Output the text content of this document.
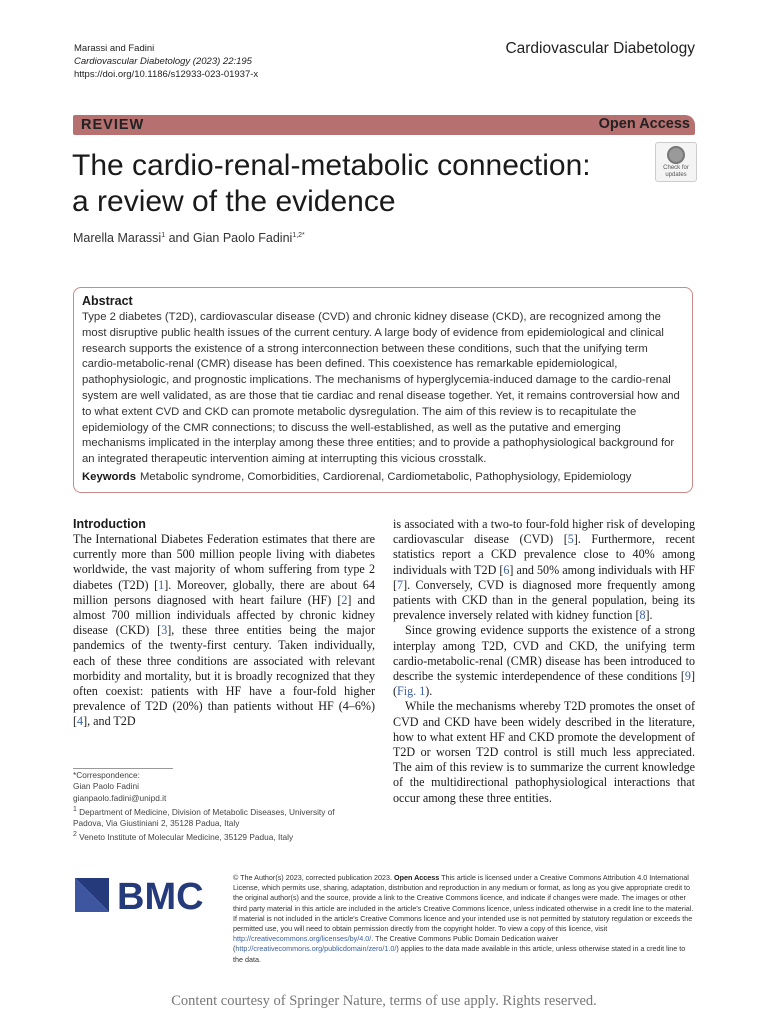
Marassi and Fadini
Cardiovascular Diabetology (2023) 22:195
https://doi.org/10.1186/s12933-023-01937-x
Cardiovascular Diabetology
REVIEW	Open Access
The cardio-renal-metabolic connection:
a review of the evidence
Check for
updates
Marella Marassi$^1$ and Gian Paolo Fadini$^{1,2*}$
Abstract
Type 2 diabetes (T2D), cardiovascular disease (CVD) and chronic kidney disease (CKD), are recognized among the most disruptive public health issues of the current century. A large body of evidence from epidemiological and clinical research supports the existence of a strong interconnection between these conditions, such that the unifying term cardio-metabolic-renal (CMR) disease has been defined. This coexistence has remarkable epidemiological, pathophysiologic, and prognostic implications. The mechanisms of hyperglycemia-induced damage to the cardio-renal system are well validated, as are those that tie cardiac and renal disease together. Yet, it remains controversial how and to what extent CVD and CKD can promote metabolic dysregulation. The aim of this review is to recapitulate the epidemiology of the CMR connections; to discuss the well-established, as well as the putative and emerging mechanisms implicated in the interplay among these three entities; and to provide a pathophysiological background for an integrated therapeutic intervention aiming at interrupting this vicious crosstalk.
Keywords Metabolic syndrome, Comorbidities, Cardiorenal, Cardiometabolic, Pathophysiology, Epidemiology
Introduction

The International Diabetes Federation estimates that there are currently more than 500 million people living with diabetes worldwide, the vast majority of whom suffering from type 2 diabetes (T2D) [1]. Moreover, globally, there are about 64 million persons diagnosed with heart failure (HF) [2] and almost 700 million individuals affected by chronic kidney disease (CKD) [3], these three entities being the major pandemics of the twenty-first century. Taken individually, each of these three conditions are associated with relevant morbidity and mortality, but it is broadly recognized that they often coexist: patients with HF have a four-fold higher prevalence of T2D (20%) than patients without HF (4–6%) [4], and T2D

*Correspondence:
Gian Paolo Fadini
gianpaolo.fadini@unipd.it
$^1$ Department of Medicine, Division of Metabolic Diseases, University of Padova, Via Giustiniani 2, 35128 Padua, Italy
$^2$ Veneto Institute of Molecular Medicine, 35129 Padua, Italy

is associated with a two-to four-fold higher risk of developing cardiovascular disease (CVD) [5]. Furthermore, recent statistics report a CKD prevalence close to 40% among individuals with T2D [6] and 50% among individuals with HF [7]. Conversely, CVD is diagnosed more frequently among patients with CKD than in the general population, being its prevalence inversely related with kidney function [8].

Since growing evidence supports the existence of a strong interplay among T2D, CVD and CKD, the unifying term cardio-metabolic-renal (CMR) disease has been introduced to describe the systemic interdependence of these conditions [9] (Fig. 1).

While the mechanisms whereby T2D promotes the onset of CVD and CKD have been widely described in the literature, how to what extent HF and CKD promote the development of T2D or worsen T2D control is still much less appreciated. The aim of this review is to summarize the current knowledge of the multidirectional pathophysiological interactions that occur among these three entities.

BMC	© The Author(s) 2023, corrected publication 2023. Open Access This article is licensed under a Creative Commons Attribution 4.0 International License, which permits use, sharing, adaptation, distribution and reproduction in any medium or format, as long as you give appropriate credit to the original author(s) and the source, provide a link to the Creative Commons licence, and indicate if changes were made. The images or other third party material in this article are included in the article's Creative Commons licence, unless indicated otherwise in a credit line to the material. If material is not included in the article's Creative Commons licence and your intended use is not permitted by statutory regulation or exceeds the permitted use, you will need to obtain permission directly from the copyright holder. To view a copy of this licence, visit http://creativecommons.org/licenses/by/4.0/. The Creative Commons Public Domain Dedication waiver (http://creativecommons.org/publicdomain/zero/1.0/) applies to the data made available in this article, unless otherwise stated in a credit line to the data.
Content courtesy of Springer Nature, terms of use apply. Rights reserved.
